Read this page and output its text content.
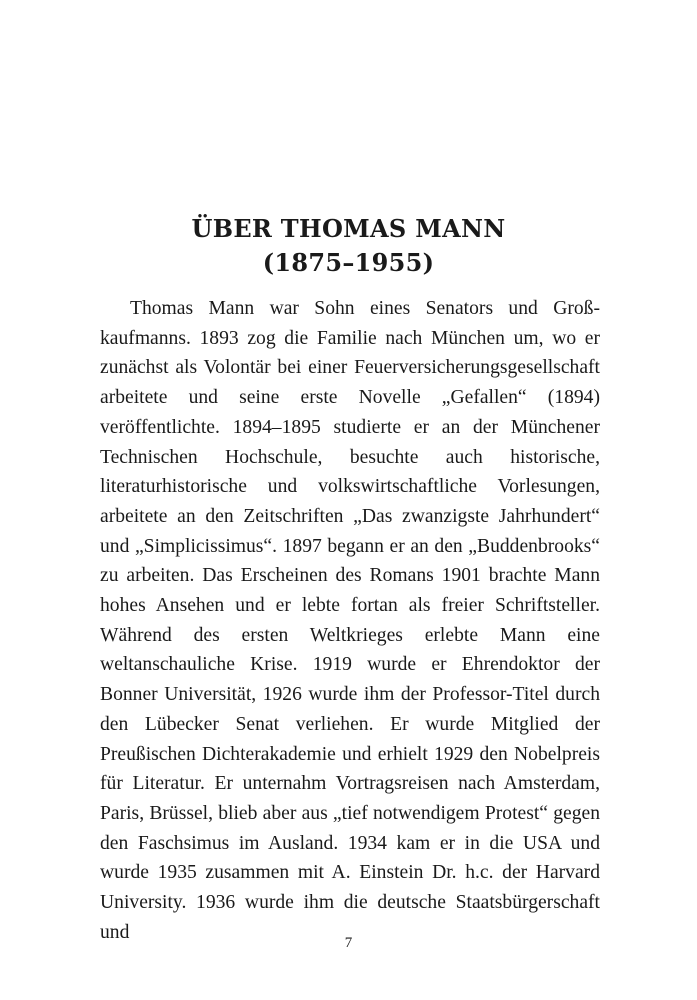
ÜBER THOMAS MANN
(1875–1955)

Thomas Mann war Sohn eines Senators und Großkaufmanns. 1893 zog die Familie nach München um, wo er zunächst als Volontär bei einer Feuerversicherungsgesellschaft arbeitete und seine erste Novelle „Gefallen“ (1894) veröffentlichte. 1894–1895 studierte er an der Münchener Technischen Hochschule, besuchte auch historische, literaturhistorische und volkswirtschaftliche Vorlesungen, arbeitete an den Zeitschriften „Das zwanzigste Jahrhundert“ und „Simplicissimus“. 1897 begann er an den „Buddenbrooks“ zu arbeiten. Das Erscheinen des Romans 1901 brachte Mann hohes Ansehen und er lebte fortan als freier Schriftsteller. Während des ersten Weltkrieges erlebte Mann eine weltanschauliche Krise. 1919 wurde er Ehrendoktor der Bonner Universität, 1926 wurde ihm der Professor-Titel durch den Lübecker Senat verliehen. Er wurde Mitglied der Preußischen Dichterakademie und erhielt 1929 den Nobelpreis für Literatur. Er unternahm Vortragsreisen nach Amsterdam, Paris, Brüssel, blieb aber aus „tief notwendigem Protest“ gegen den Faschsimus im Ausland. 1934 kam er in die USA und wurde 1935 zusammen mit A. Einstein Dr. h.c. der Harvard University. 1936 wurde ihm die deutsche Staatsbürgerschaft und

7
